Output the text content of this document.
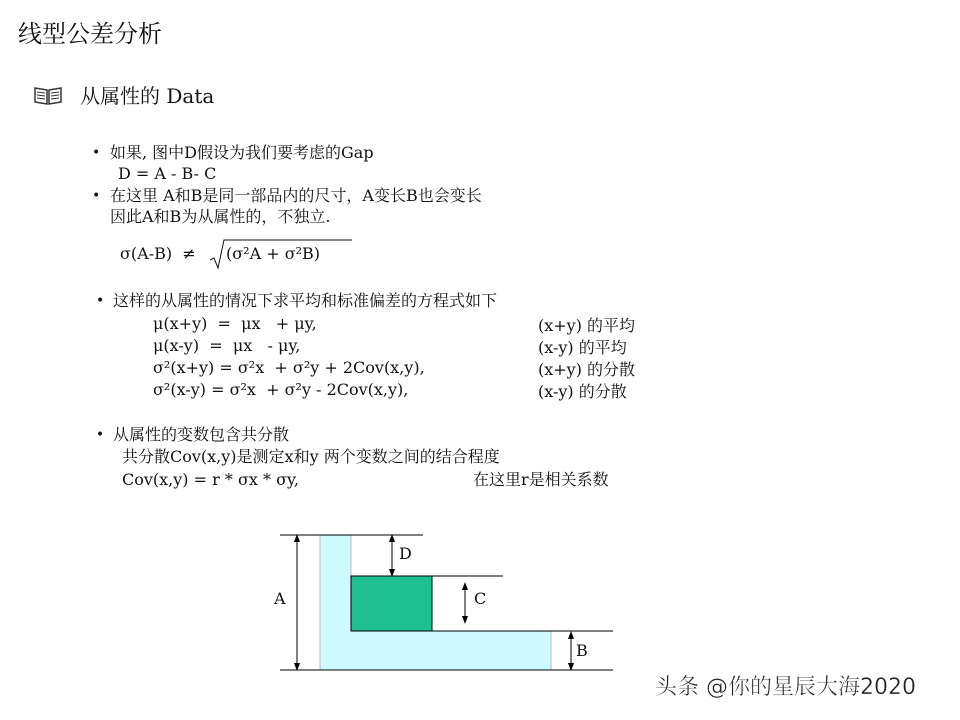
线型公差分析
从属性的 Data
• 如果, 图中D假设为我们要考虑的Gap
D = A - B- C
• 在这里 A和B是同一部品内的尺寸，A变长B也会变长
因此A和B为从属性的，不独立.
σ(A-B)  ≠ (σ²A + σ²B)
• 这样的从属性的情况下求平均和标准偏差的方程式如下
μ(x+y)  =  μx   + μy,	(x+y) 的平均
μ(x-y)  =  μx   - μy,	(x-y) 的平均
σ²(x+y) = σ²x  + σ²y + 2Cov(x,y),	(x+y) 的分散
σ²(x-y) = σ²x  + σ²y - 2Cov(x,y),	(x-y) 的分散
• 从属性的变数包含共分散
共分散Cov(x,y)是测定x和y 两个变数之间的结合程度
Cov(x,y) = r * σx * σy,	在这里r是相关系数
A
D
C
B
头条 @你的星辰大海2020
